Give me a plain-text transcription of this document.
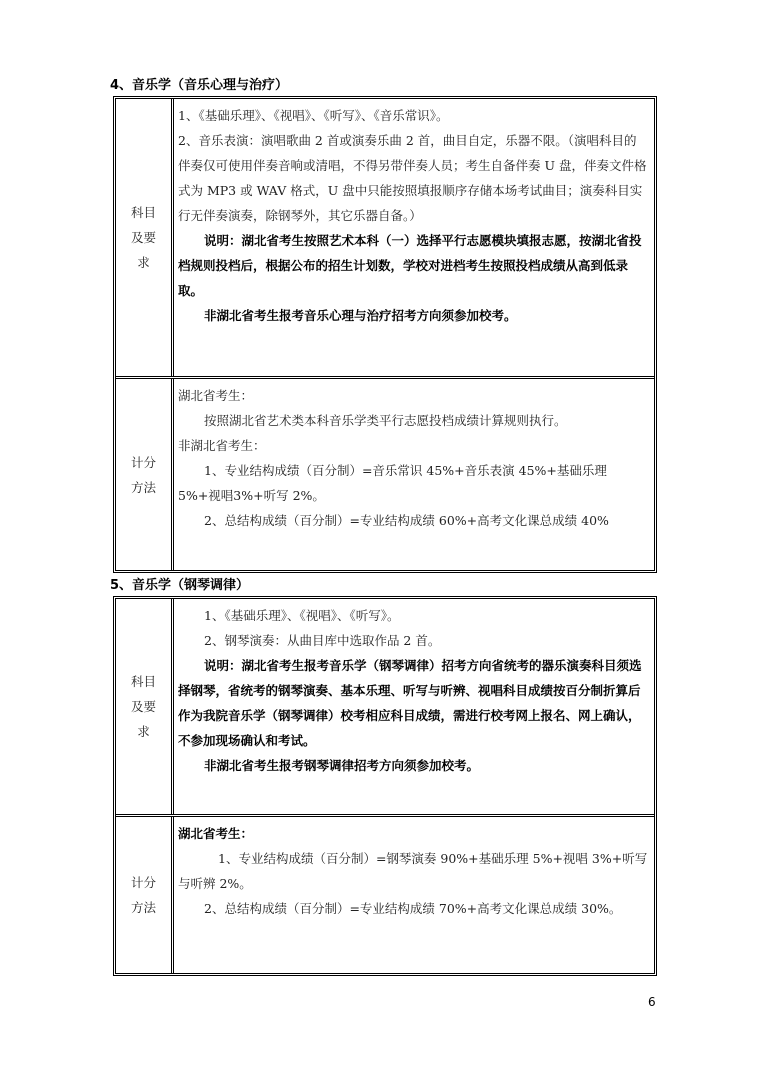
4、音乐学（音乐心理与治疗）
科目及要求

1、《基础乐理》、《视唱》、《听写》、《音乐常识》。

2、音乐表演：演唱歌曲 2 首或演奏乐曲 2 首，曲目自定，乐器不限。（演唱科目的伴奏仅可使用伴奏音响或清唱，不得另带伴奏人员；考生自备伴奏 U 盘，伴奏文件格式为 MP3 或 WAV 格式，U 盘中只能按照填报顺序存储本场考试曲目；演奏科目实行无伴奏演奏，除钢琴外，其它乐器自备。）

说明：湖北省考生按照艺术本科（一）选择平行志愿模块填报志愿，按湖北省投档规则投档后，根据公布的招生计划数，学校对进档考生按照投档成绩从高到低录取。

非湖北省考生报考音乐心理与治疗招考方向须参加校考。

计分方法

湖北省考生：

按照湖北省艺术类本科音乐学类平行志愿投档成绩计算规则执行。

非湖北省考生：

1、专业结构成绩（百分制）=音乐常识 45%+音乐表演 45%+基础乐理 5%+视唱3%+听写 2%。

2、总结构成绩（百分制）=专业结构成绩 60%+高考文化课总成绩 40%

5、音乐学（钢琴调律）
科目及要求

1、《基础乐理》、《视唱》、《听写》。

2、钢琴演奏：从曲目库中选取作品 2 首。

说明：湖北省考生报考音乐学（钢琴调律）招考方向省统考的器乐演奏科目须选择钢琴，省统考的钢琴演奏、基本乐理、听写与听辨、视唱科目成绩按百分制折算后作为我院音乐学（钢琴调律）校考相应科目成绩，需进行校考网上报名、网上确认，不参加现场确认和考试。

非湖北省考生报考钢琴调律招考方向须参加校考。

计分方法

湖北省考生：

1、专业结构成绩（百分制）=钢琴演奏 90%+基础乐理 5%+视唱 3%+听写与听辨 2%。

2、总结构成绩（百分制）=专业结构成绩 70%+高考文化课总成绩 30%。

6
